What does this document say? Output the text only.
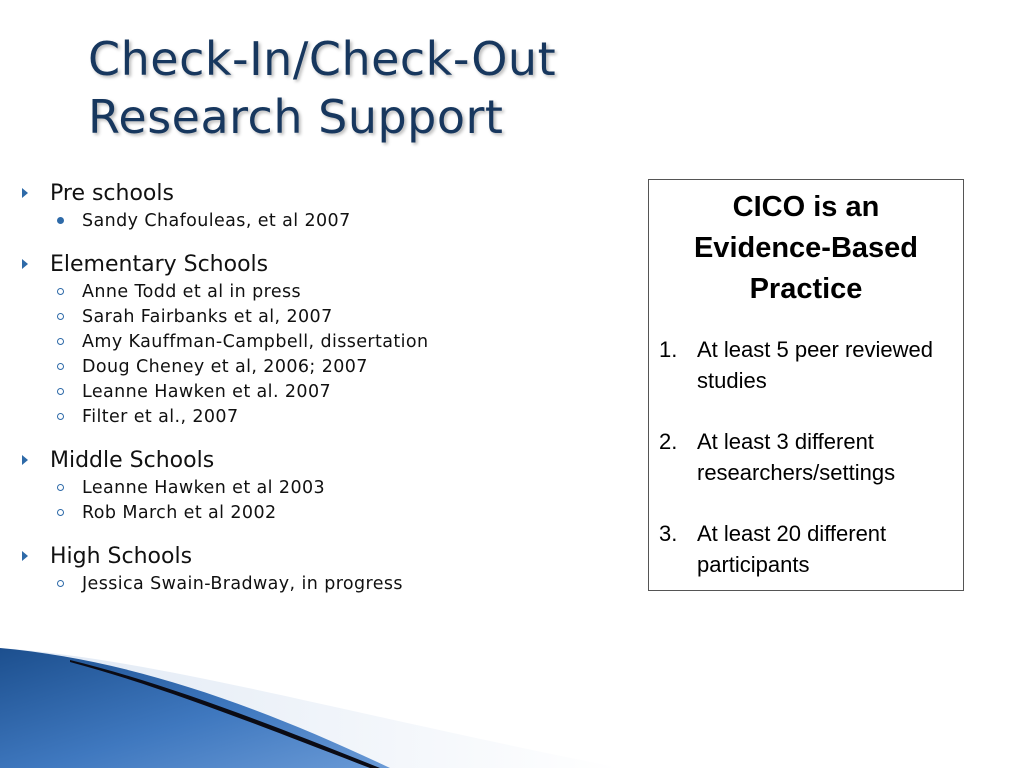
Check-In/Check-Out
Research Support
Pre schools
Sandy Chafouleas, et al 2007
Elementary Schools
Anne Todd et al in press
Sarah Fairbanks et al, 2007
Amy Kauffman-Campbell, dissertation
Doug Cheney et al, 2006; 2007
Leanne Hawken et al. 2007
Filter et al., 2007
Middle Schools
Leanne Hawken et al 2003
Rob March et al 2002
High Schools
Jessica Swain-Bradway, in progress
CICO is an
Evidence-Based
Practice
1. At least 5 peer reviewed studies
2. At least 3 different researchers/settings
3. At least 20 different participants
